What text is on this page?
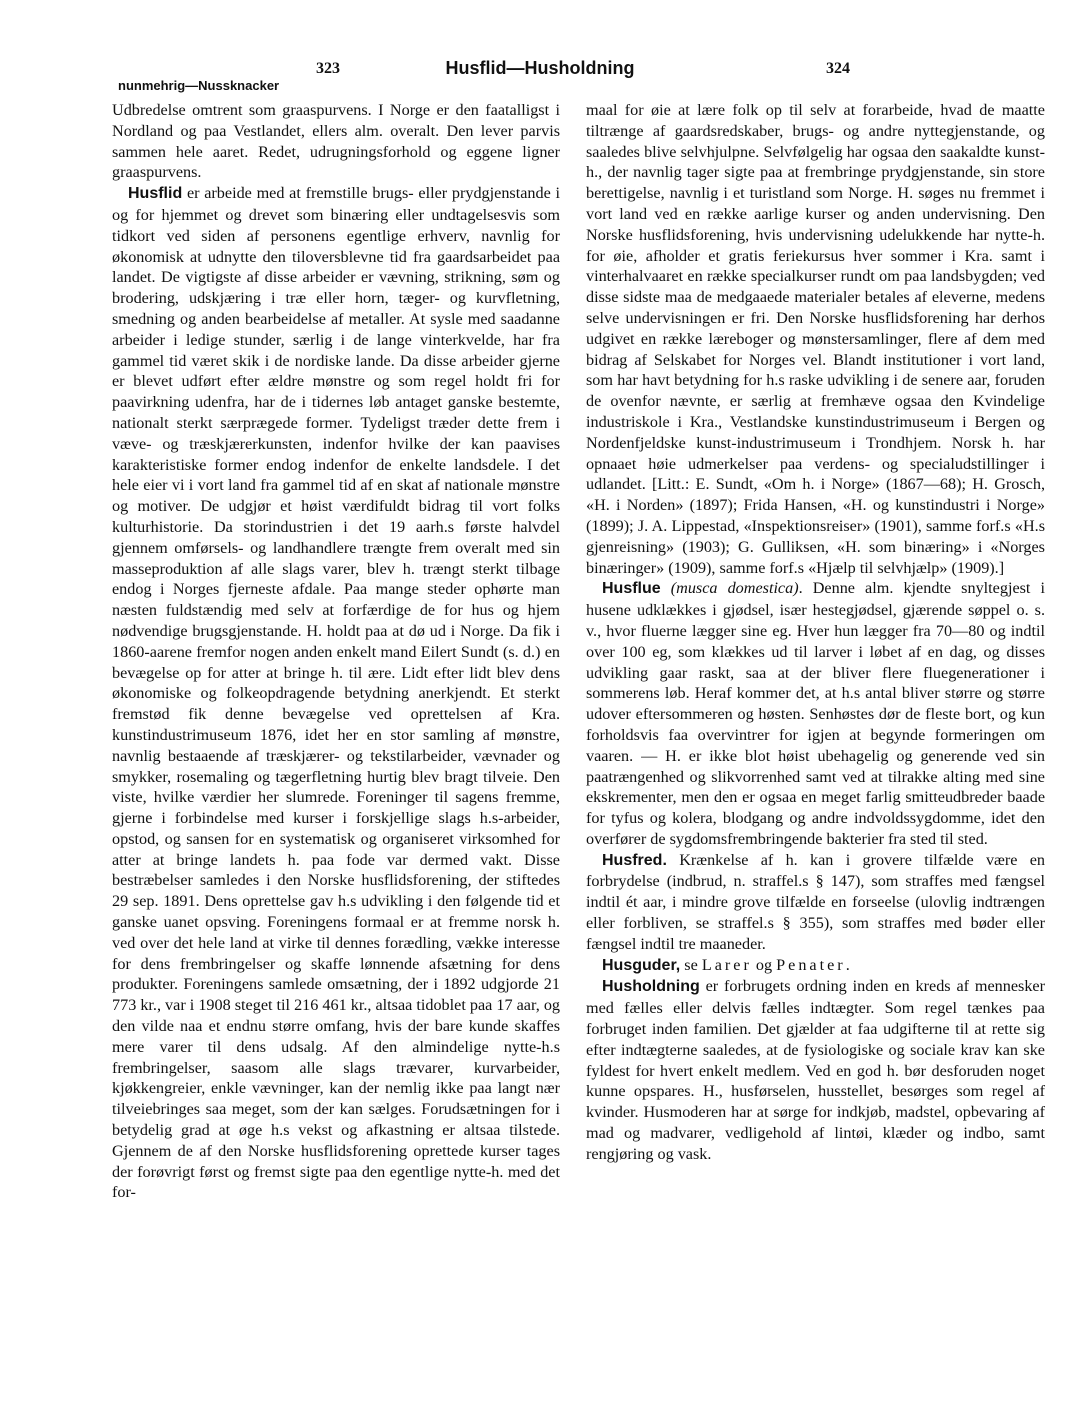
323	Husflid—Husholdning	324
nunmehrig—Nussknacker

Udbredelse omtrent som graaspurvens. I Norge er den faatalligst i Nordland og paa Vestlandet, ellers alm. overalt. Den lever parvis sammen hele aaret. Redet, udrugningsforhold og eggene ligner graaspurvens.

Husflid er arbeide med at fremstille brugs- eller prydgjenstande i og for hjemmet og drevet som binæring eller undtagelsesvis som tidkort ved siden af personens egentlige erhverv, navnlig for økonomisk at udnytte den tiloversblevne tid fra gaardsarbeidet paa landet. De vigtigste af disse arbeider er vævning, strikning, søm og brodering, udskjæring i træ eller horn, tæger- og kurvfletning, smedning og anden bearbeidelse af metaller. At sysle med saadanne arbeider i ledige stunder, særlig i de lange vinterkvelde, har fra gammel tid været skik i de nordiske lande. Da disse arbeider gjerne er blevet udført efter ældre mønstre og som regel holdt fri for paavirkning udenfra, har de i tidernes løb antaget ganske bestemte, nationalt sterkt særprægede former. Tydeligst træder dette frem i væve- og træskjærerkunsten, indenfor hvilke der kan paavises karakteristiske former endog indenfor de enkelte landsdele. I det hele eier vi i vort land fra gammel tid af en skat af nationale mønstre og motiver. De udgjør et høist værdifuldt bidrag til vort folks kulturhistorie. Da storindustrien i det 19 aarh.s første halvdel gjennem omførsels- og landhandlere trængte frem overalt med sin masseproduktion af alle slags varer, blev h. trængt sterkt tilbage endog i Norges fjerneste afdale. Paa mange steder ophørte man næsten fuldstændig med selv at forfærdige de for hus og hjem nødvendige brugsgjenstande. H. holdt paa at dø ud i Norge. Da fik i 1860-aarene fremfor nogen anden enkelt mand Eilert Sundt (s. d.) en bevægelse op for atter at bringe h. til ære. Lidt efter lidt blev dens økonomiske og folkeopdragende betydning anerkjendt. Et sterkt fremstød fik denne bevægelse ved oprettelsen af Kra. kunstindustrimuseum 1876, idet her en stor samling af mønstre, navnlig bestaaende af træskjærer- og tekstilarbeider, vævnader og smykker, rosemaling og tægerfletning hurtig blev bragt tilveie. Den viste, hvilke værdier her slumrede. Foreninger til sagens fremme, gjerne i forbindelse med kurser i forskjellige slags h.s-arbeider, opstod, og sansen for en systematisk og organiseret virksomhed for atter at bringe landets h. paa fode var dermed vakt. Disse bestræbelser samledes i den Norske husflidsforening, der stiftedes 29 sep. 1891. Dens oprettelse gav h.s udvikling i den følgende tid et ganske uanet opsving. Foreningens formaal er at fremme norsk h. ved over det hele land at virke til dennes forædling, vække interesse for dens frembringelser og skaffe lønnende afsætning for dens produkter. Foreningens samlede omsætning, der i 1892 udgjorde 21 773 kr., var i 1908 steget til 216 461 kr., altsaa tidoblet paa 17 aar, og den vilde naa et endnu større omfang, hvis der bare kunde skaffes mere varer til dens udsalg. Af den almindelige nytte-h.s frembringelser, saasom alle slags trævarer, kurvarbeider, kjøkkengreier, enkle vævninger, kan der nemlig ikke paa langt nær tilveiebringes saa meget, som der kan sælges. Forudsætningen for i betydelig grad at øge h.s vekst og afkastning er altsaa tilstede. Gjennem de af den Norske husflidsforening oprettede kurser tages der forøvrigt først og fremst sigte paa den egentlige nytte-h. med det for-

maal for øie at lære folk op til selv at forarbeide, hvad de maatte tiltrænge af gaardsredskaber, brugs- og andre nyttegjenstande, og saaledes blive selvhjulpne. Selvfølgelig har ogsaa den saakaldte kunst-h., der navnlig tager sigte paa at frembringe prydgjenstande, sin store berettigelse, navnlig i et turistland som Norge. H. søges nu fremmet i vort land ved en række aarlige kurser og anden undervisning. Den Norske husflidsforening, hvis undervisning udelukkende har nytte-h. for øie, afholder et gratis feriekursus hver sommer i Kra. samt i vinterhalvaaret en række specialkurser rundt om paa landsbygden; ved disse sidste maa de medgaaede materialer betales af eleverne, medens selve undervisningen er fri. Den Norske husflidsforening har derhos udgivet en række læreboger og mønstersamlinger, flere af dem med bidrag af Selskabet for Norges vel. Blandt institutioner i vort land, som har havt betydning for h.s raske udvikling i de senere aar, foruden de ovenfor nævnte, er særlig at fremhæve ogsaa den Kvindelige industriskole i Kra., Vestlandske kunstindustrimuseum i Bergen og Nordenfjeldske kunst-industrimuseum i Trondhjem. Norsk h. har opnaaet høie udmerkelser paa verdens- og specialudstillinger i udlandet. [Litt.: E. Sundt, «Om h. i Norge» (1867—68); H. Grosch, «H. i Norden» (1897); Frida Hansen, «H. og kunstindustri i Norge» (1899); J. A. Lippestad, «Inspektionsreiser» (1901), samme forf.s «H.s gjenreisning» (1903); G. Gulliksen, «H. som binæring» i «Norges binæringer» (1909), samme forf.s «Hjælp til selvhjælp» (1909).]

Husflue (musca domestica). Denne alm. kjendte snyltegjest i husene udklækkes i gjødsel, især hestegjødsel, gjærende søppel o. s. v., hvor fluerne lægger sine eg. Hver hun lægger fra 70—80 og indtil over 100 eg, som klækkes ud til larver i løbet af en dag, og disses udvikling gaar raskt, saa at der bliver flere fluegenerationer i sommerens løb. Heraf kommer det, at h.s antal bliver større og større udover eftersommeren og høsten. Senhøstes dør de fleste bort, og kun forholdsvis faa overvintrer for igjen at begynde formeringen om vaaren. — H. er ikke blot høist ubehagelig og generende ved sin paatrængenhed og slikvorrenhed samt ved at tilrakke alting med sine ekskrementer, men den er ogsaa en meget farlig smitteudbreder baade for tyfus og kolera, blodgang og andre indvoldssygdomme, idet den overfører de sygdomsfrembringende bakterier fra sted til sted.

Husfred. Krænkelse af h. kan i grovere tilfælde være en forbrydelse (indbrud, n. straffel.s § 147), som straffes med fængsel indtil ét aar, i mindre grove tilfælde en forseelse (ulovlig indtrængen eller forbliven, se straffel.s § 355), som straffes med bøder eller fængsel indtil tre maaneder.

Husguder, se Larer og Penater.

Husholdning er forbrugets ordning inden en kreds af mennesker med fælles eller delvis fælles indtægter. Som regel tænkes paa forbruget inden familien. Det gjælder at faa udgifterne til at rette sig efter indtægterne saaledes, at de fysiologiske og sociale krav kan ske fyldest for hvert enkelt medlem. Ved en god h. bør desforuden noget kunne opspares. H., husførselen, husstellet, besørges som regel af kvinder. Husmoderen har at sørge for indkjøb, madstel, opbevaring af mad og madvarer, vedligehold af lintøi, klæder og indbo, samt rengjøring og vask.
